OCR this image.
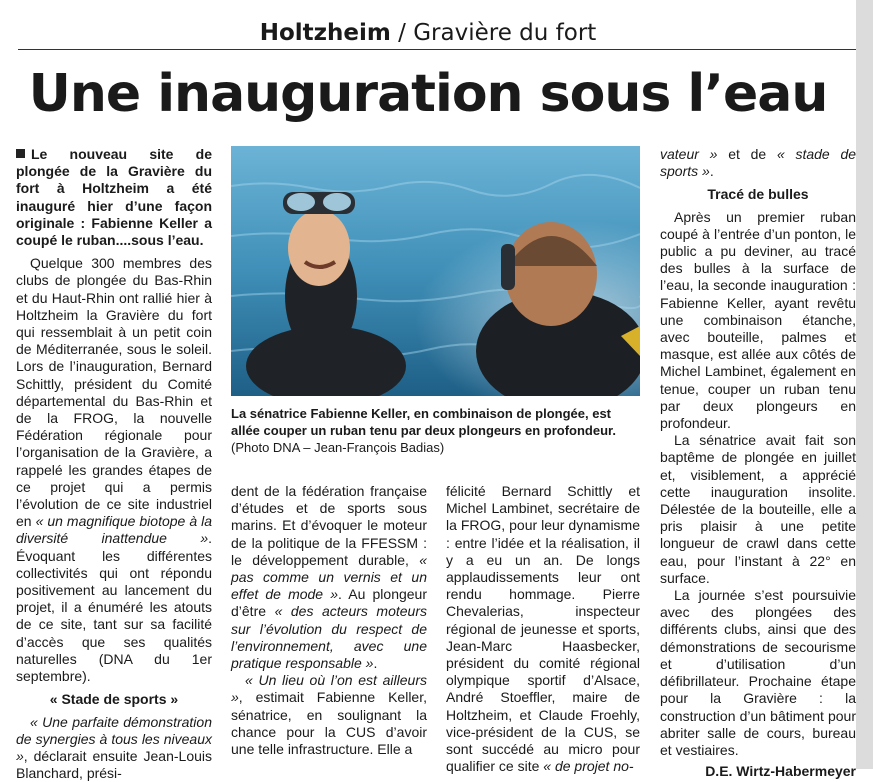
Holtzheim / Gravière du fort
Une inauguration sous l’eau

Le nouveau site de plongée de la Gravière du fort à Holtzheim a été inauguré hier d’une façon originale : Fabienne Keller a coupé le ruban....sous l’eau.

Quelque 300 membres des clubs de plongée du Bas-Rhin et du Haut-Rhin ont rallié hier à Holtzheim la Gravière du fort qui ressemblait à un petit coin de Méditerranée, sous le soleil. Lors de l’inauguration, Bernard Schittly, président du Comité départemental du Bas-Rhin et de la FROG, la nouvelle Fédération régionale pour l’organisation de la Gravière, a rappelé les grandes étapes de ce projet qui a permis l’évolution de ce site industriel en « un magnifique biotope à la diversité inattendue ». Évoquant les différentes collectivités qui ont répondu positivement au lancement du projet, il a énuméré les atouts de ce site, tant sur sa facilité d’accès que ses qualités naturelles (DNA du 1er septembre).

« Stade de sports »

« Une parfaite démonstration de synergies à tous les niveaux », déclarait ensuite Jean-Louis Blanchard, prési-

La sénatrice Fabienne Keller, en combinaison de plongée, est allée couper un ruban tenu par deux plongeurs en profondeur. (Photo DNA – Jean-François Badias)

dent de la fédération française d’études et de sports sous marins. Et d’évoquer le moteur de la politique de la FFESSM : le développement durable, « pas comme un vernis et un effet de mode ». Au plongeur d’être « des acteurs moteurs sur l’évolution du respect de l’environnement, avec une pratique responsable ».

« Un lieu où l’on est ailleurs », estimait Fabienne Keller, sénatrice, en soulignant la chance pour la CUS d’avoir une telle infrastructure. Elle a

félicité Bernard Schittly et Michel Lambinet, secrétaire de la FROG, pour leur dynamisme : entre l’idée et la réalisation, il y a eu un an. De longs applaudissements leur ont rendu hommage. Pierre Chevalerias, inspecteur régional de jeunesse et sports, Jean-Marc Haasbecker, président du comité régional olympique sportif d’Alsace, André Stoeffler, maire de Holtzheim, et Claude Froehly, vice-président de la CUS, se sont succédé au micro pour qualifier ce site « de projet no-

vateur » et de « stade de sports ».

Tracé de bulles

Après un premier ruban coupé à l’entrée d’un ponton, le public a pu deviner, au tracé des bulles à la surface de l’eau, la seconde inauguration : Fabienne Keller, ayant revêtu une combinaison étanche, avec bouteille, palmes et masque, est allée aux côtés de Michel Lambinet, également en tenue, couper un ruban tenu par deux plongeurs en profondeur.

La sénatrice avait fait son baptême de plongée en juillet et, visiblement, a apprécié cette inauguration insolite. Délestée de la bouteille, elle a pris plaisir à une petite longueur de crawl dans cette eau, pour l’instant à 22° en surface.

La journée s’est poursuivie avec des plongées des différents clubs, ainsi que des démonstrations de secourisme et d’utilisation d’un défibrillateur. Prochaine étape pour la Gravière : la construction d’un bâtiment pour abriter salle de cours, bureau et vestiaires.

D.E. Wirtz-Habermeyer
